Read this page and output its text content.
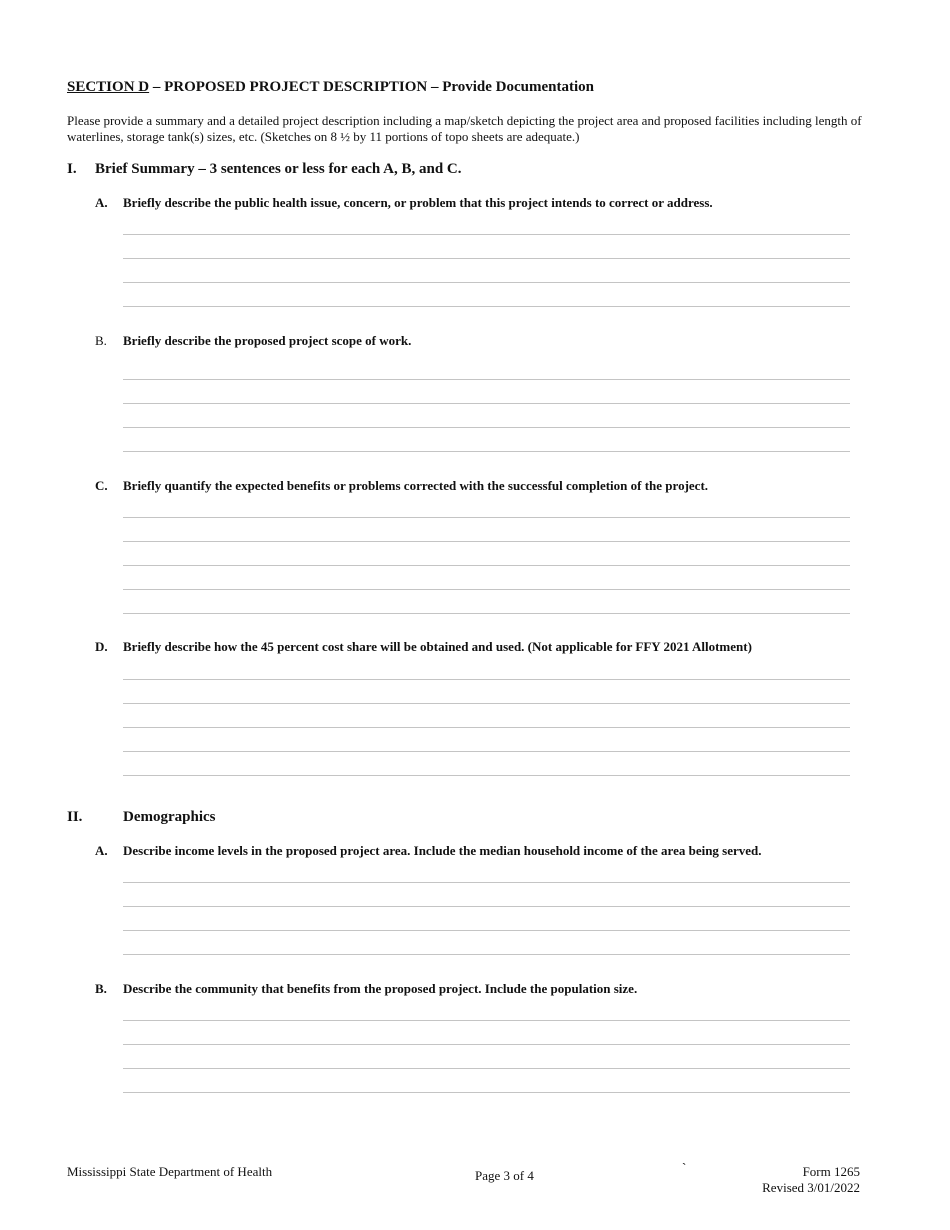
SECTION D – PROPOSED PROJECT DESCRIPTION – Provide Documentation
Please provide a summary and a detailed project description including a map/sketch depicting the project area and proposed facilities including length of waterlines, storage tank(s) sizes, etc. (Sketches on 8 ½ by 11 portions of topo sheets are adequate.)
I. Brief Summary – 3 sentences or less for each A, B, and C.
A. Briefly describe the public health issue, concern, or problem that this project intends to correct or address.
B. Briefly describe the proposed project scope of work.
C. Briefly quantify the expected benefits or problems corrected with the successful completion of the project.
D. Briefly describe how the 45 percent cost share will be obtained and used. (Not applicable for FFY 2021 Allotment)
II.	Demographics
A. Describe income levels in the proposed project area. Include the median household income of the area being served.
B. Describe the community that benefits from the proposed project. Include the population size.
Mississippi State Department of Health	Page 3 of 4
`	Form 1265
Revised 3/01/2022
